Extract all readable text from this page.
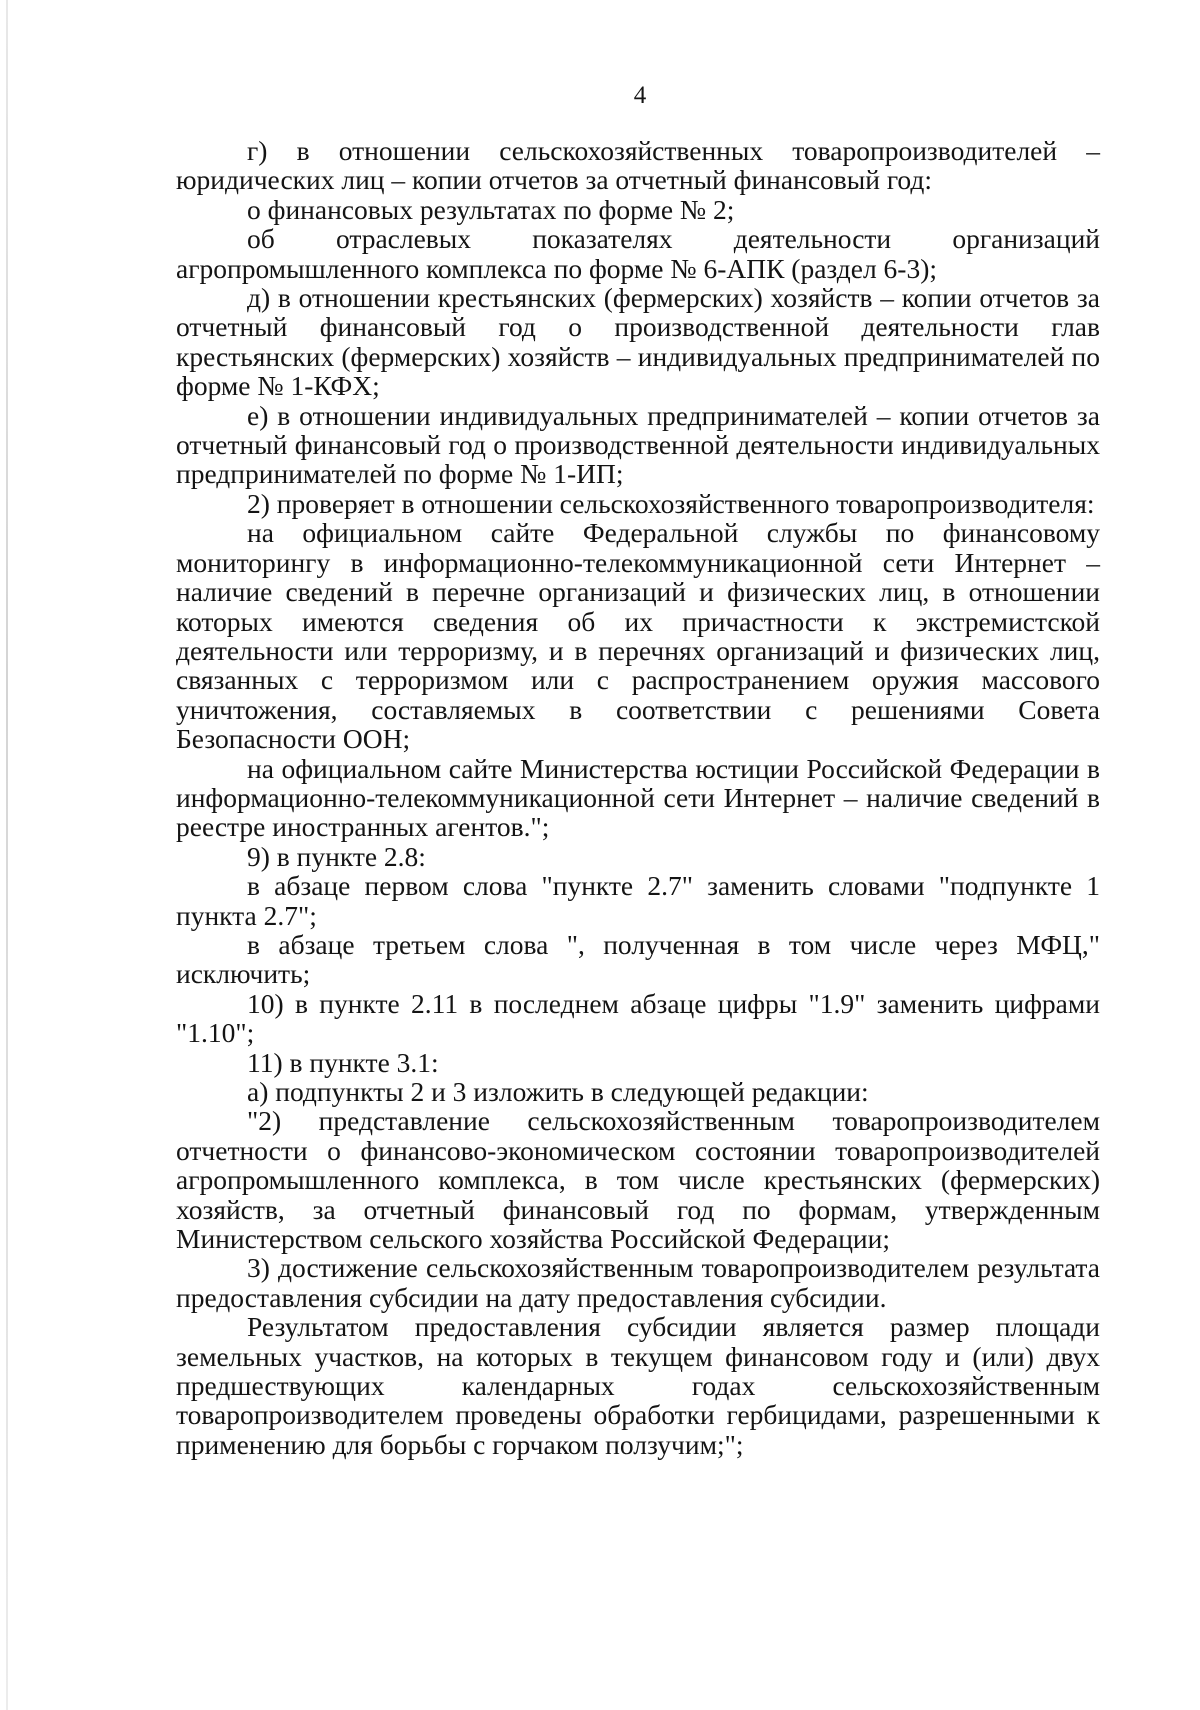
4

г) в отношении сельскохозяйственных товаропроизводителей – юридических лиц – копии отчетов за отчетный финансовый год:

о финансовых результатах по форме № 2;

об отраслевых показателях деятельности организаций агропромышленного комплекса по форме № 6-АПК (раздел 6-3);

д) в отношении крестьянских (фермерских) хозяйств – копии отчетов за отчетный финансовый год о производственной деятельности глав крестьянских (фермерских) хозяйств – индивидуальных предпринимателей по форме № 1-КФХ;

е) в отношении индивидуальных предпринимателей – копии отчетов за отчетный финансовый год о производственной деятельности индивидуальных предпринимателей по форме № 1-ИП;

2) проверяет в отношении сельскохозяйственного товаропроизводителя:

на официальном сайте Федеральной службы по финансовому мониторингу в информационно-телекоммуникационной сети Интернет – наличие сведений в перечне организаций и физических лиц, в отношении которых имеются сведения об их причастности к экстремистской деятельности или терроризму, и в перечнях организаций и физических лиц, связанных с терроризмом или с распространением оружия массового уничтожения, составляемых в соответствии с решениями Совета Безопасности ООН;

на официальном сайте Министерства юстиции Российской Федерации в информационно-телекоммуникационной сети Интернет – наличие сведений в реестре иностранных агентов.";

9) в пункте 2.8:

в абзаце первом слова "пункте 2.7" заменить словами "подпункте 1 пункта 2.7";

в абзаце третьем слова ", полученная в том числе через МФЦ," исключить;

10) в пункте 2.11 в последнем абзаце цифры "1.9" заменить цифрами "1.10";

11) в пункте 3.1:

а) подпункты 2 и 3 изложить в следующей редакции:

"2) представление сельскохозяйственным товаропроизводителем отчетности о финансово-экономическом состоянии товаропроизводителей агропромышленного комплекса, в том числе крестьянских (фермерских) хозяйств, за отчетный финансовый год по формам, утвержденным Министерством сельского хозяйства Российской Федерации;

3) достижение сельскохозяйственным товаропроизводителем результата предоставления субсидии на дату предоставления субсидии.

Результатом предоставления субсидии является размер площади земельных участков, на которых в текущем финансовом году и (или) двух предшествующих календарных годах сельскохозяйственным товаропроизводителем проведены обработки гербицидами, разрешенными к применению для борьбы с горчаком ползучим;";
